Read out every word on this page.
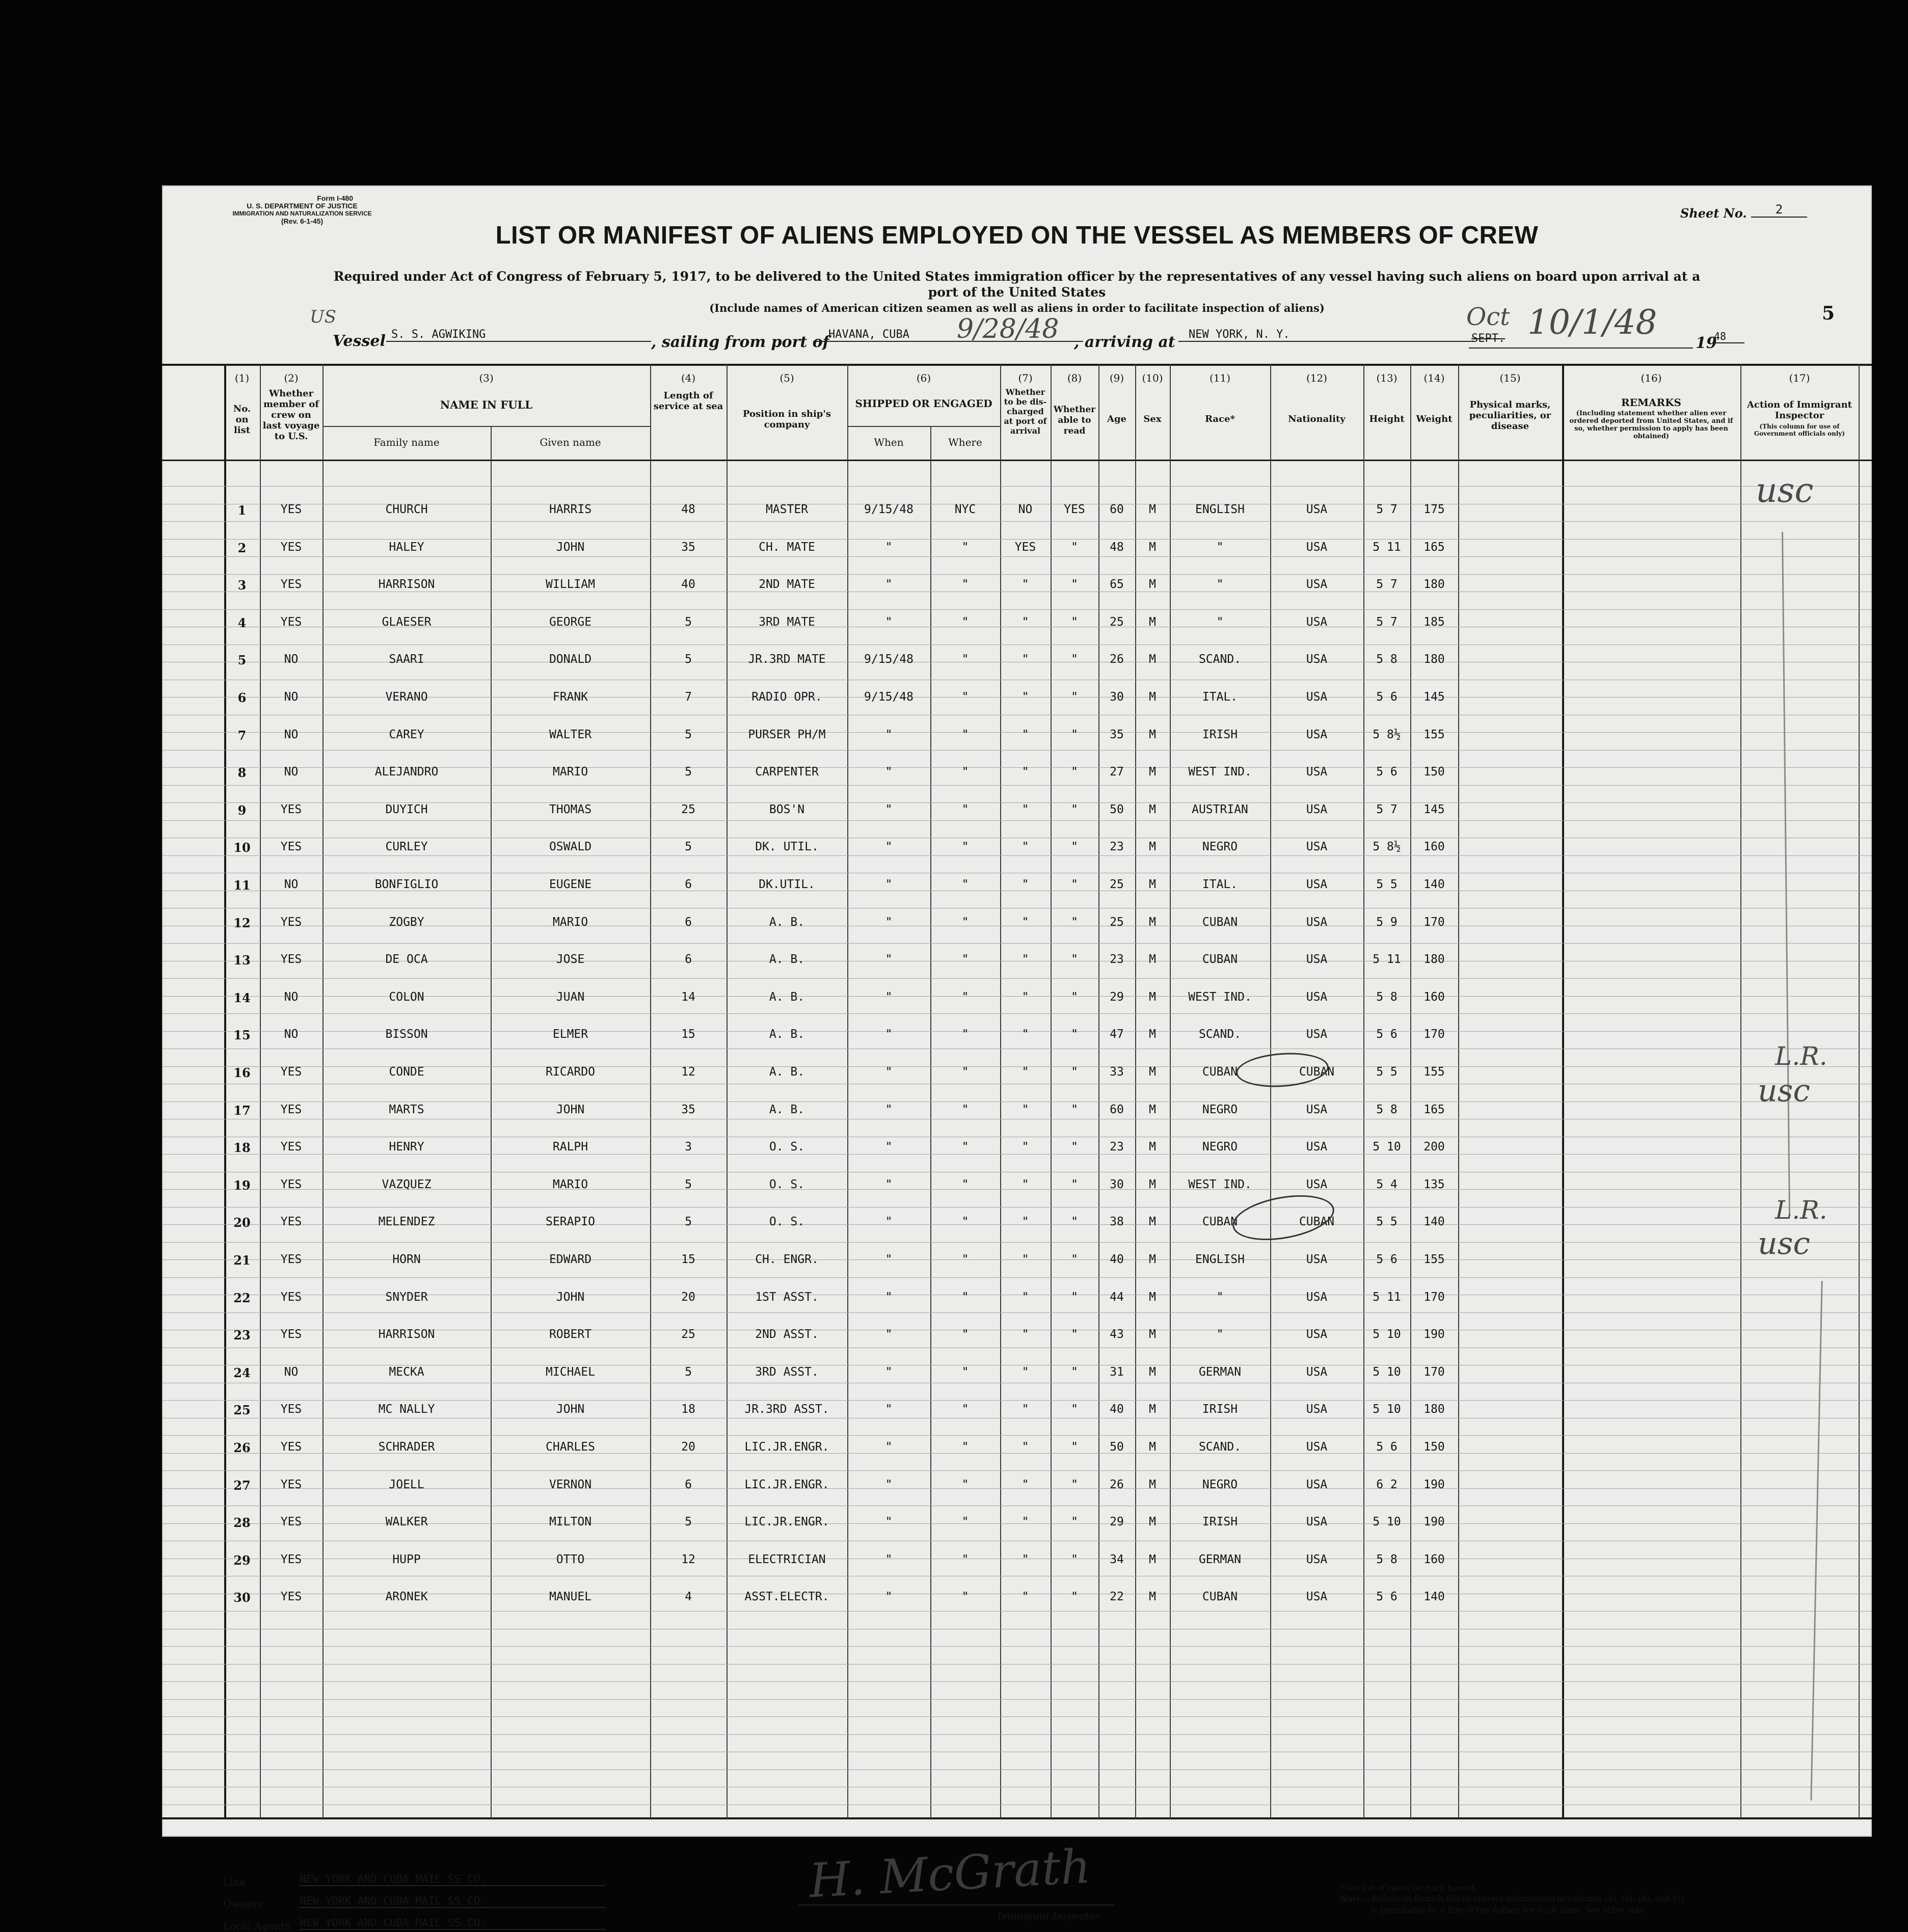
Form I-480
U. S. DEPARTMENT OF JUSTICE
IMMIGRATION AND NATURALIZATION SERVICE
(Rev. 6-1-45)
Sheet No. 2
LIST OR MANIFEST OF ALIENS EMPLOYED ON THE VESSEL AS MEMBERS OF CREW
Required under Act of Congress of February 5, 1917, to be delivered to the United States immigration officer by the representatives of any vessel having such aliens on board upon arrival at a
port of the United States
(Include names of American citizen seamen as well as aliens in order to facilitate inspection of aliens)	5
US
Vessel S. S. AGWIKING	, sailing from port of
HAVANA, CUBA	9/28/48 , arriving at	NEW YORK, N. Y.	SEPT.
Oct 10/1/48
19
48
(1)	(2)	(3)	(4)	(5)	(6)	(7)	(8)	(9)	(10)	(11)	(12)	(13)	(14)	(15)	(16)	(17)
No. on list
Whether member of crew on last voyage to U.S.
NAME IN FULL
Family name	Given name
Length of service at sea
Position in ship's company
SHIPPED OR ENGAGED
When	Where
Whether to be dis-charged at port of arrival
Whether able to read
Age	Sex	Race*	Nationality	Height	Weight
Physical marks, peculiarities, or disease
REMARKS
(Including statement whether alien ever ordered deported from United States, and if so, whether permission to apply has been obtained)
Action of Immigrant Inspector
(This column for use of Government officials only)
1	YES	CHURCH	HARRIS	48	MASTER	9/15/48	NYC	NO	YES	60	M	ENGLISH	USA	5 7	175
2	YES	HALEY	JOHN	35	CH. MATE	"	"	YES	"	48	M	"	USA	5 11	165
3	YES	HARRISON	WILLIAM	40	2ND MATE	"	"	"	"	65	M	"	USA	5 7	180
4	YES	GLAESER	GEORGE	5	3RD MATE	"	"	"	"	25	M	"	USA	5 7	185
5	NO	SAARI	DONALD	5	JR.3RD MATE	9/15/48	"	"	"	26	M	SCAND.	USA	5 8	180
6	NO	VERANO	FRANK	7	RADIO OPR.	9/15/48	"	"	"	30	M	ITAL.	USA	5 6	145
7	NO	CAREY	WALTER	5	PURSER PH/M	"	"	"	"	35	M	IRISH	USA	5 8½	155
8	NO	ALEJANDRO	MARIO	5	CARPENTER	"	"	"	"	27	M	WEST IND.	USA	5 6	150
9	YES	DUYICH	THOMAS	25	BOS'N	"	"	"	"	50	M	AUSTRIAN	USA	5 7	145
10	YES	CURLEY	OSWALD	5	DK. UTIL.	"	"	"	"	23	M	NEGRO	USA	5 8½	160
11	NO	BONFIGLIO	EUGENE	6	DK.UTIL.	"	"	"	"	25	M	ITAL.	USA	5 5	140
12	YES	ZOGBY	MARIO	6	A. B.	"	"	"	"	25	M	CUBAN	USA	5 9	170
13	YES	DE OCA	JOSE	6	A. B.	"	"	"	"	23	M	CUBAN	USA	5 11	180
14	NO	COLON	JUAN	14	A. B.	"	"	"	"	29	M	WEST IND.	USA	5 8	160
15	NO	BISSON	ELMER	15	A. B.	"	"	"	"	47	M	SCAND.	USA	5 6	170
16	YES	CONDE	RICARDO	12	A. B.	"	"	"	"	33	M	CUBAN	CUBAN	5 5	155
17	YES	MARTS	JOHN	35	A. B.	"	"	"	"	60	M	NEGRO	USA	5 8	165
18	YES	HENRY	RALPH	3	O. S.	"	"	"	"	23	M	NEGRO	USA	5 10	200
19	YES	VAZQUEZ	MARIO	5	O. S.	"	"	"	"	30	M	WEST IND.	USA	5 4	135
20	YES	MELENDEZ	SERAPIO	5	O. S.	"	"	"	"	38	M	CUBAN	CUBAN	5 5	140
21	YES	HORN	EDWARD	15	CH. ENGR.	"	"	"	"	40	M	ENGLISH	USA	5 6	155
22	YES	SNYDER	JOHN	20	1ST ASST.	"	"	"	"	44	M	"	USA	5 11	170
23	YES	HARRISON	ROBERT	25	2ND ASST.	"	"	"	"	43	M	"	USA	5 10	190
24	NO	MECKA	MICHAEL	5	3RD ASST.	"	"	"	"	31	M	GERMAN	USA	5 10	170
25	YES	MC NALLY	JOHN	18	JR.3RD ASST.	"	"	"	"	40	M	IRISH	USA	5 10	180
26	YES	SCHRADER	CHARLES	20	LIC.JR.ENGR.	"	"	"	"	50	M	SCAND.	USA	5 6	150
27	YES	JOELL	VERNON	6	LIC.JR.ENGR.	"	"	"	"	26	M	NEGRO	USA	6 2	190
28	YES	WALKER	MILTON	5	LIC.JR.ENGR.	"	"	"	"	29	M	IRISH	USA	5 10	190
29	YES	HUPP	OTTO	12	ELECTRICIAN	"	"	"	"	34	M	GERMAN	USA	5 8	160
30	YES	ARONEK	MANUEL	4	ASST.ELECTR.	"	"	"	"	22	M	CUBAN	USA	5 6	140
usc
L.R.
usc
L.R.
usc
Line	NEW YORK AND CUBA MAIL SS CO.
Owners	NEW YORK AND CUBA MAIL SS CO.
Local Agents NEW YORK AND CUBA MAIL SS CO.
H. McGrath
Immigrant Inspector.
*See list of races on back hereof.
Note.—Failure to furnish full or correct information in columns (3), (5), (6), and (7)
is punishable by a fine of ten dollars for each alien. See other side.
